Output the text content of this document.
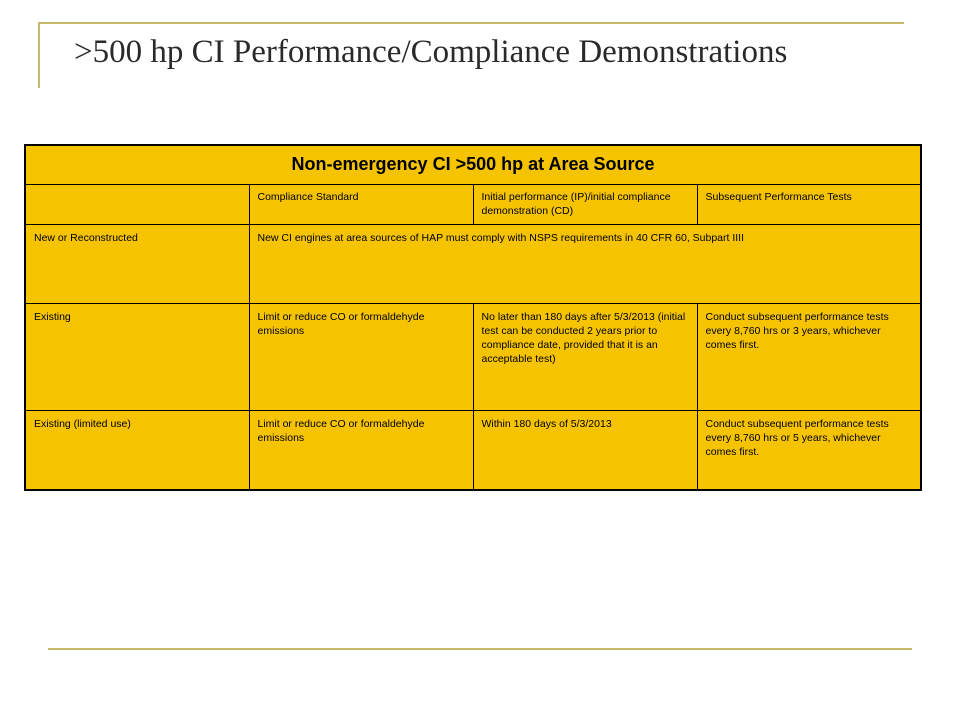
>500 hp CI Performance/Compliance Demonstrations
Non-emergency CI >500 hp at Area Source			
	Compliance Standard	Initial performance (IP)/initial compliance demonstration (CD)	Subsequent Performance Tests
New or Reconstructed	New CI engines at area sources of HAP must comply with NSPS requirements in 40 CFR 60, Subpart IIII		
Existing	Limit or reduce CO or formaldehyde emissions	No later than 180 days after 5/3/2013 (initial test can be conducted 2 years prior to compliance date, provided that it is an acceptable test)	Conduct subsequent performance tests every 8,760 hrs or 3 years, whichever comes first.
Existing (limited use)	Limit or reduce CO or formaldehyde emissions	Within 180 days of 5/3/2013	Conduct subsequent performance tests every 8,760 hrs or 5 years, whichever comes first.
